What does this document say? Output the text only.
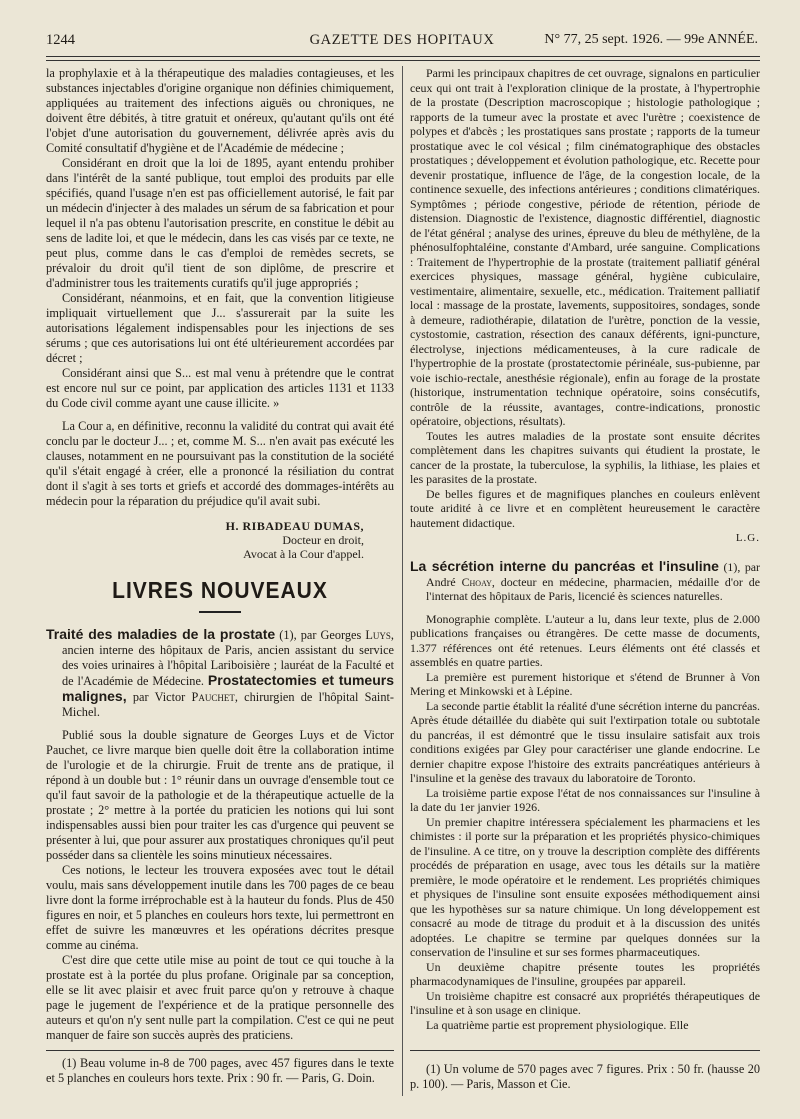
1244	GAZETTE DES HOPITAUX	N° 77, 25 sept. 1926. — 99e ANNÉE.

la prophylaxie et à la thérapeutique des maladies contagieuses, et les substances injectables d'origine organique non définies chimiquement, appliquées au traitement des infections aiguës ou chroniques, ne doivent être débités, à titre gratuit et onéreux, qu'autant qu'ils ont été l'objet d'une autorisation du gouvernement, délivrée après avis du Comité consultatif d'hygiène et de l'Académie de médecine ;

Considérant en droit que la loi de 1895, ayant entendu prohiber dans l'intérêt de la santé publique, tout emploi des produits par elle spécifiés, quand l'usage n'en est pas officiellement autorisé, le fait par un médecin d'injecter à des malades un sérum de sa fabrication et pour lequel il n'a pas obtenu l'autorisation prescrite, en constitue le débit au sens de ladite loi, et que le médecin, dans les cas visés par ce texte, ne peut plus, comme dans le cas d'emploi de remèdes secrets, se prévaloir du droit qu'il tient de son diplôme, de prescrire et d'administrer tous les traitements curatifs qu'il juge appropriés ;

Considérant, néanmoins, et en fait, que la convention litigieuse impliquait virtuellement que J... s'assurerait par la suite les autorisations légalement indispensables pour les injections de ses sérums ; que ces autorisations lui ont été ultérieurement accordées par décret ;

Considérant ainsi que S... est mal venu à prétendre que le contrat est encore nul sur ce point, par application des articles 1131 et 1133 du Code civil comme ayant une cause illicite. »

La Cour a, en définitive, reconnu la validité du contrat qui avait été conclu par le docteur J... ; et, comme M. S... n'en avait pas exécuté les clauses, notamment en ne poursuivant pas la constitution de la société qu'il s'était engagé à créer, elle a prononcé la résiliation du contrat dont il s'agit à ses torts et griefs et accordé des dommages-intérêts au médecin pour la réparation du préjudice qu'il avait subi.

H. RIBADEAU DUMAS,
Docteur en droit,
Avocat à la Cour d'appel.
LIVRES NOUVEAUX

Traité des maladies de la prostate (1), par Georges Luys, ancien interne des hôpitaux de Paris, ancien assistant du service des voies urinaires à l'hôpital Lariboisière ; lauréat de la Faculté et de l'Académie de Médecine. Prostatectomies et tumeurs malignes, par Victor Pauchet, chirurgien de l'hôpital Saint-Michel.

Publié sous la double signature de Georges Luys et de Victor Pauchet, ce livre marque bien quelle doit être la collaboration intime de l'urologie et de la chirurgie. Fruit de trente ans de pratique, il répond à un double but : 1° réunir dans un ouvrage d'ensemble tout ce qu'il faut savoir de la pathologie et de la thérapeutique actuelle de la prostate ; 2° mettre à la portée du praticien les notions qui lui sont indispensables aussi bien pour traiter les cas d'urgence qui peuvent se présenter à lui, que pour assurer aux prostatiques chroniques qu'il peut posséder dans sa clientèle les soins minutieux nécessaires.

Ces notions, le lecteur les trouvera exposées avec tout le détail voulu, mais sans développement inutile dans les 700 pages de ce beau livre dont la forme irréprochable est à la hauteur du fonds. Plus de 450 figures en noir, et 5 planches en couleurs hors texte, lui permettront en effet de suivre les manœuvres et les opérations décrites presque comme au cinéma.

C'est dire que cette utile mise au point de tout ce qui touche à la prostate est à la portée du plus profane. Originale par sa conception, elle se lit avec plaisir et avec fruit parce qu'on y retrouve à chaque page le jugement de l'expérience et de la pratique personnelle des auteurs et qu'on n'y sent nulle part la compilation. C'est ce qui ne peut manquer de faire son succès auprès des praticiens.

(1) Beau volume in-8 de 700 pages, avec 457 figures dans le texte et 5 planches en couleurs hors texte. Prix : 90 fr. — Paris, G. Doin.

Parmi les principaux chapitres de cet ouvrage, signalons en particulier ceux qui ont trait à l'exploration clinique de la prostate, à l'hypertrophie de la prostate (Description macroscopique ; histologie pathologique ; rapports de la tumeur avec la prostate et avec l'urètre ; coexistence de polypes et d'abcès ; les prostatiques sans prostate ; rapports de la tumeur prostatique avec le col vésical ; film cinématographique des obstacles prostatiques ; développement et évolution pathologique, etc. Recette pour devenir prostatique, influence de l'âge, de la congestion locale, de la continence sexuelle, des infections antérieures ; conditions climatériques. Symptômes ; période congestive, période de rétention, période de distension. Diagnostic de l'existence, diagnostic différentiel, diagnostic de l'état général ; analyse des urines, épreuve du bleu de méthylène, de la phénosulfophtaléine, constante d'Ambard, urée sanguine. Complications : Traitement de l'hypertrophie de la prostate (traitement palliatif général exercices physiques, massage général, hygiène cubiculaire, vestimentaire, alimentaire, sexuelle, etc., médication. Traitement palliatif local : massage de la prostate, lavements, suppositoires, sondages, sonde à demeure, radiothérapie, dilatation de l'urètre, ponction de la vessie, cystostomie, castration, résection des canaux déférents, igni-puncture, électrolyse, injections médicamenteuses, à la cure radicale de l'hypertrophie de la prostate (prostatectomie périnéale, sus-pubienne, par voie ischio-rectale, anesthésie régionale), enfin au forage de la prostate (historique, instrumentation technique opératoire, soins consécutifs, contrôle de la réussite, avantages, contre-indications, pronostic opératoire, objections, résultats).

Toutes les autres maladies de la prostate sont ensuite décrites complètement dans les chapitres suivants qui étudient la prostate, le cancer de la prostate, la tuberculose, la syphilis, la lithiase, les plaies et les parasites de la prostate.

De belles figures et de magnifiques planches en couleurs enlèvent toute aridité à ce livre et en complètent heureusement le caractère hautement didactique.

L.G.

La sécrétion interne du pancréas et l'insuline (1), par André Choay, docteur en médecine, pharmacien, médaille d'or de l'internat des hôpitaux de Paris, licencié ès sciences naturelles.

Monographie complète. L'auteur a lu, dans leur texte, plus de 2.000 publications françaises ou étrangères. De cette masse de documents, 1.377 références ont été retenues. Leurs éléments ont été classés et assemblés en quatre parties.

La première est purement historique et s'étend de Brunner à Von Mering et Minkowski et à Lépine.

La seconde partie établit la réalité d'une sécrétion interne du pancréas. Après étude détaillée du diabète qui suit l'extirpation totale ou subtotale du pancréas, il est démontré que le tissu insulaire satisfait aux trois conditions exigées par Gley pour caractériser une glande endocrine. Le dernier chapitre expose l'histoire des extraits pancréatiques antérieurs à l'insuline et la genèse des travaux du laboratoire de Toronto.

La troisième partie expose l'état de nos connaissances sur l'insuline à la date du 1er janvier 1926.

Un premier chapitre intéressera spécialement les pharmaciens et les chimistes : il porte sur la préparation et les propriétés physico-chimiques de l'insuline. A ce titre, on y trouve la description complète des différents procédés de préparation en usage, avec tous les détails sur la matière première, le mode opératoire et le rendement. Les propriétés chimiques et physiques de l'insuline sont ensuite exposées méthodiquement ainsi que les hypothèses sur sa nature chimique. Un long développement est consacré au mode de titrage du produit et à la discussion des unités adoptées. Le chapitre se termine par quelques données sur la conservation de l'insuline et sur ses formes pharmaceutiques.

Un deuxième chapitre présente toutes les propriétés pharmacodynamiques de l'insuline, groupées par appareil.

Un troisième chapitre est consacré aux propriétés thérapeutiques de l'insuline et à son usage en clinique.

La quatrième partie est proprement physiologique. Elle

(1) Un volume de 570 pages avec 7 figures. Prix : 50 fr. (hausse 20 p. 100). — Paris, Masson et Cie.
